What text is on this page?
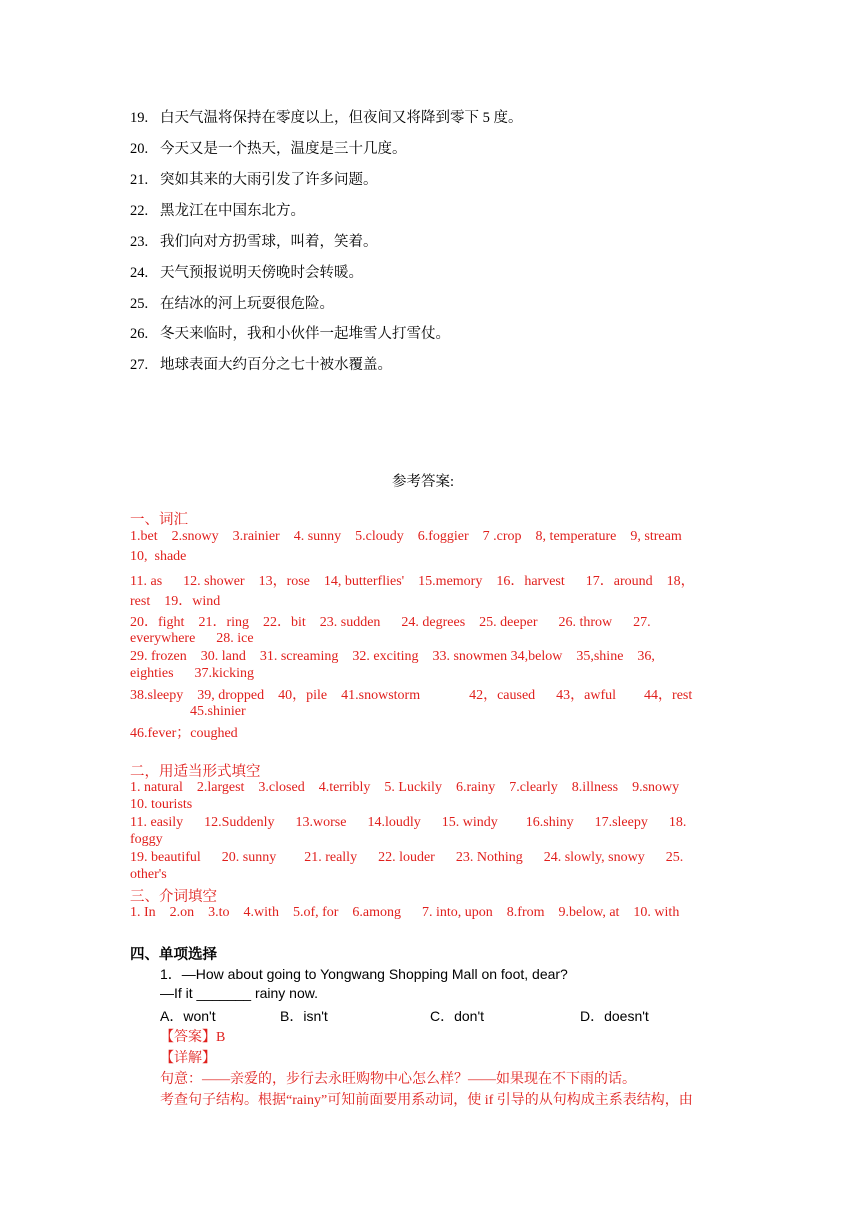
19. 白天气温将保持在零度以上，但夜间又将降到零下 5 度。
20. 今天又是一个热天，温度是三十几度。
21. 突如其来的大雨引发了许多问题。
22. 黑龙江在中国东北方。
23. 我们向对方扔雪球，叫着，笑着。
24. 天气预报说明天傍晚时会转暖。
25. 在结冰的河上玩耍很危险。
26. 冬天来临时，我和小伙伴一起堆雪人打雪仗。
27. 地球表面大约百分之七十被水覆盖。
参考答案:
一、词汇
1.bet    2.snowy    3.rainier    4. sunny    5.cloudy    6.foggier    7 .crop    8, temperature    9, stream
10,  shade
11. as      12. shower    13，rose    14, butterflies'    15.memory    16．harvest      17．around    18，
rest    19．wind
20．fight    21．ring    22．bit    23. sudden      24. degrees    25. deeper      26. throw      27.
everywhere      28. ice
29. frozen    30. land    31. screaming    32. exciting    33. snowmen 34,below    35,shine    36,
eighties      37.kicking
38.sleepy    39, dropped    40，pile    41.snowstorm              42，caused      43，awful        44，rest
45.shinier
46.fever；coughed
二，用适当形式填空
1. natural    2.largest    3.closed    4.terribly    5. Luckily    6.rainy    7.clearly    8.illness    9.snowy
10. tourists
11. easily      12.Suddenly      13.worse      14.loudly      15. windy        16.shiny      17.sleepy      18.
foggy
19. beautiful      20. sunny        21. really      22. louder      23. Nothing      24. slowly, snowy      25.
other's
三、介词填空
1. In    2.on    3.to    4.with    5.of, for    6.among      7. into, upon    8.from    9.below, at    10. with
四、单项选择
1．—How about going to Yongwang Shopping Mall on foot, dear?
—If it _______ rainy now.
A．won't	B．isn't	C．don't	D．doesn't
【答案】B
【详解】
句意：——亲爱的，步行去永旺购物中心怎么样？——如果现在不下雨的话。
考查句子结构。根据“rainy”可知前面要用系动词，使 if 引导的从句构成主系表结构，由
